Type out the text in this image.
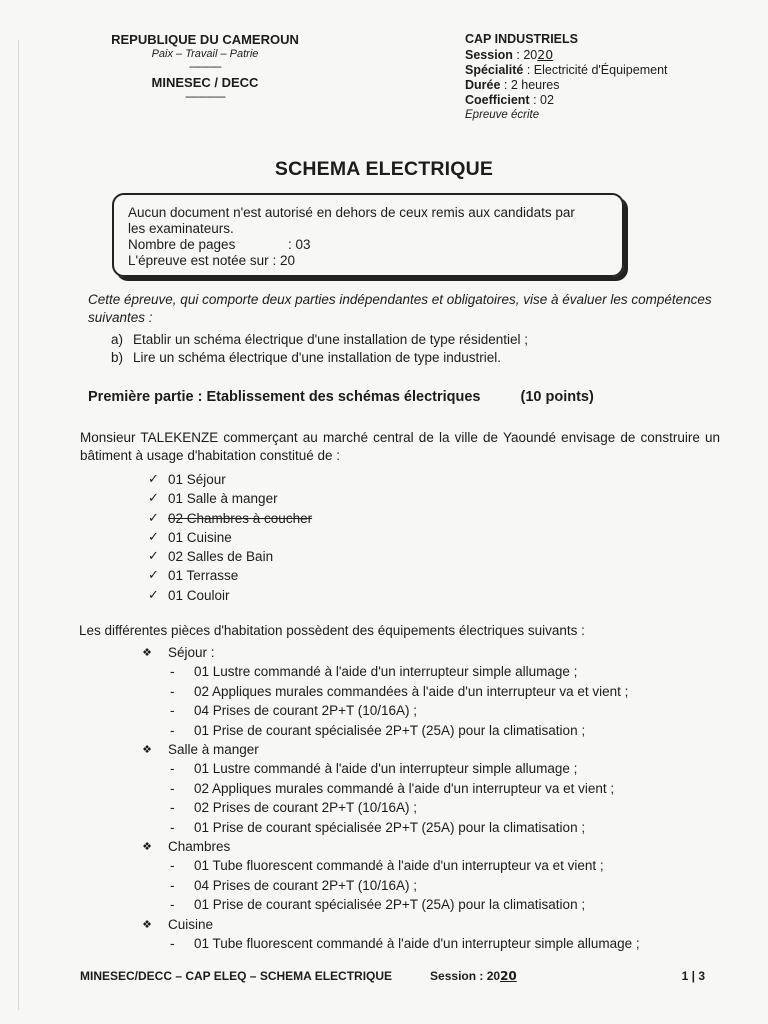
REPUBLIQUE DU CAMEROUN
Paix – Travail – Patrie
------------
MINESEC / DECC
---------------
CAP INDUSTRIELS
Session : 2020
Spécialité : Electricité d'Équipement
Durée : 2 heures
Coefficient : 02
Epreuve écrite
SCHEMA ELECTRIQUE
Aucun document n'est autorisé en dehors de ceux remis aux candidats par
les examinateurs.
Nombre de pages	: 03
L'épreuve est notée sur : 20
Cette épreuve, qui comporte deux parties indépendantes et obligatoires, vise à évaluer les compétences suivantes :
a) Etablir un schéma électrique d'une installation de type résidentiel ;
b) Lire un schéma électrique d'une installation de type industriel.
Première partie : Etablissement des schémas électriques	(10 points)
Monsieur TALEKENZE commerçant au marché central de la ville de Yaoundé envisage de construire un bâtiment à usage d'habitation constitué de :
✓ 01 Séjour
✓ 01 Salle à manger
✓ 02 Chambres à coucher
✓ 01 Cuisine
✓ 02 Salles de Bain
✓ 01 Terrasse
✓ 01 Couloir
Les différentes pièces d'habitation possèdent des équipements électriques suivants :
❖	Séjour :
-	01 Lustre commandé à l'aide d'un interrupteur simple allumage ;
-	02 Appliques murales commandées à l'aide d'un interrupteur va et vient ;
-	04 Prises de courant 2P+T (10/16A) ;
-	01 Prise de courant spécialisée 2P+T (25A) pour la climatisation ;
❖	Salle à manger
-	01 Lustre commandé à l'aide d'un interrupteur simple allumage ;
-	02 Appliques murales commandé à l'aide d'un interrupteur va et vient ;
-	02 Prises de courant 2P+T (10/16A) ;
-	01 Prise de courant spécialisée 2P+T (25A) pour la climatisation ;
❖	Chambres
-	01 Tube fluorescent commandé à l'aide d'un interrupteur va et vient ;
-	04 Prises de courant 2P+T (10/16A) ;
-	01 Prise de courant spécialisée 2P+T (25A) pour la climatisation ;
❖	Cuisine
-	01 Tube fluorescent commandé à l'aide d'un interrupteur simple allumage ;
MINESEC/DECC – CAP ELEQ – SCHEMA ELECTRIQUE	Session : 2020	1 | 3
